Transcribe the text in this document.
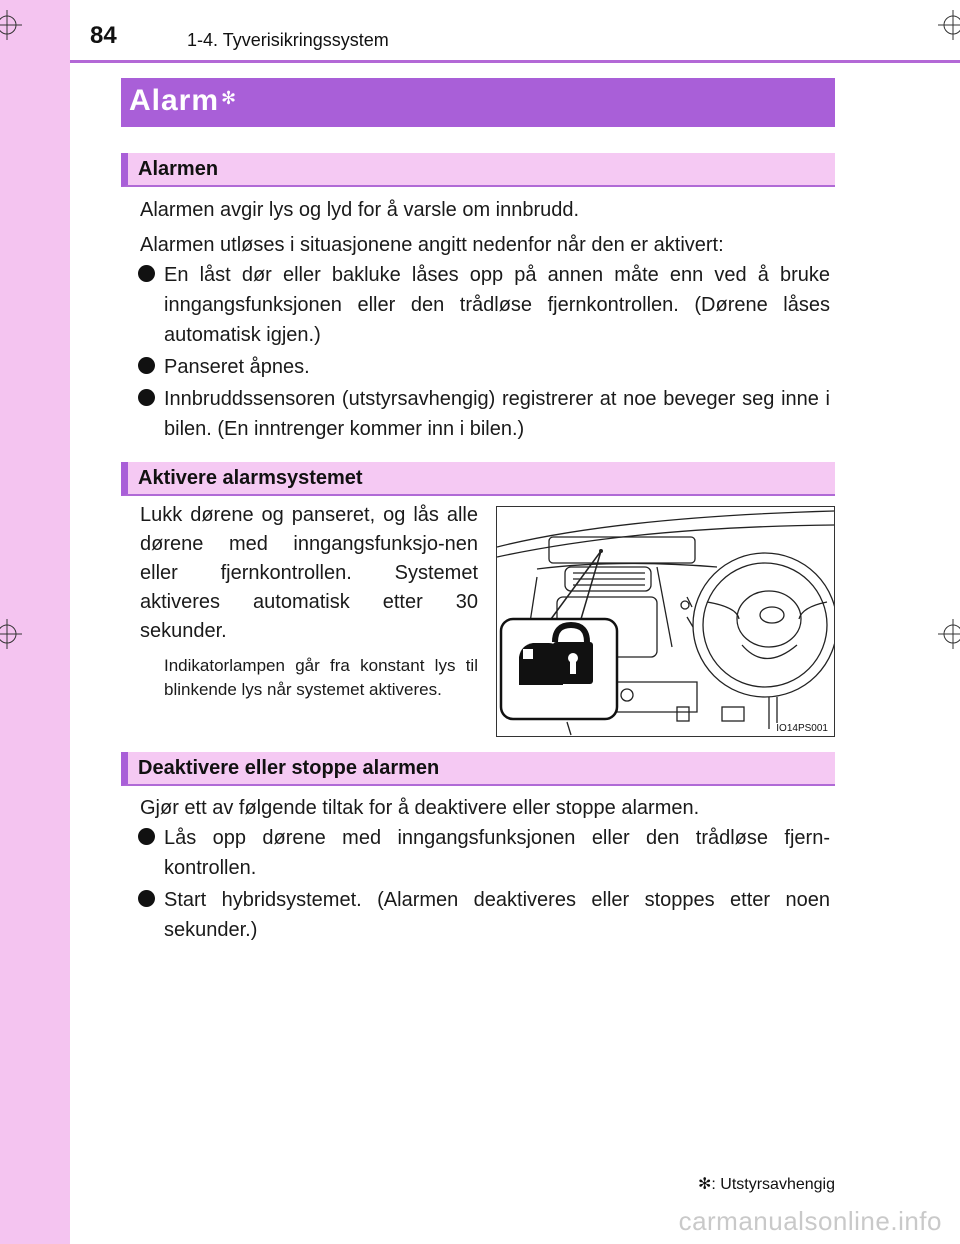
84	1-4. Tyverisikringssystem
Alarm ✻
Alarmen
Alarmen avgir lys og lyd for å varsle om innbrudd.
Alarmen utløses i situasjonene angitt nedenfor når den er aktivert:
En låst dør eller bakluke låses opp på annen måte enn ved å bruke inngangsfunksjonen eller den trådløse fjernkontrollen. (Dørene låses automatisk igjen.)
Panseret åpnes.
Innbruddssensoren (utstyrsavhengig) registrerer at noe beveger seg inne i bilen. (En inntrenger kommer inn i bilen.)
Aktivere alarmsystemet
Lukk dørene og panseret, og lås alle dørene med inngangsfunksjo-nen eller fjernkontrollen. Systemet aktiveres automatisk etter 30 sekunder.
Indikatorlampen går fra konstant lys til blinkende lys når systemet aktiveres.
IO14PS001
Deaktivere eller stoppe alarmen
Gjør ett av følgende tiltak for å deaktivere eller stoppe alarmen.
Lås opp dørene med inngangsfunksjonen eller den trådløse fjern-kontrollen.
Start hybridsystemet. (Alarmen deaktiveres eller stoppes etter noen sekunder.)
✻: Utstyrsavhengig
carmanualsonline.info
